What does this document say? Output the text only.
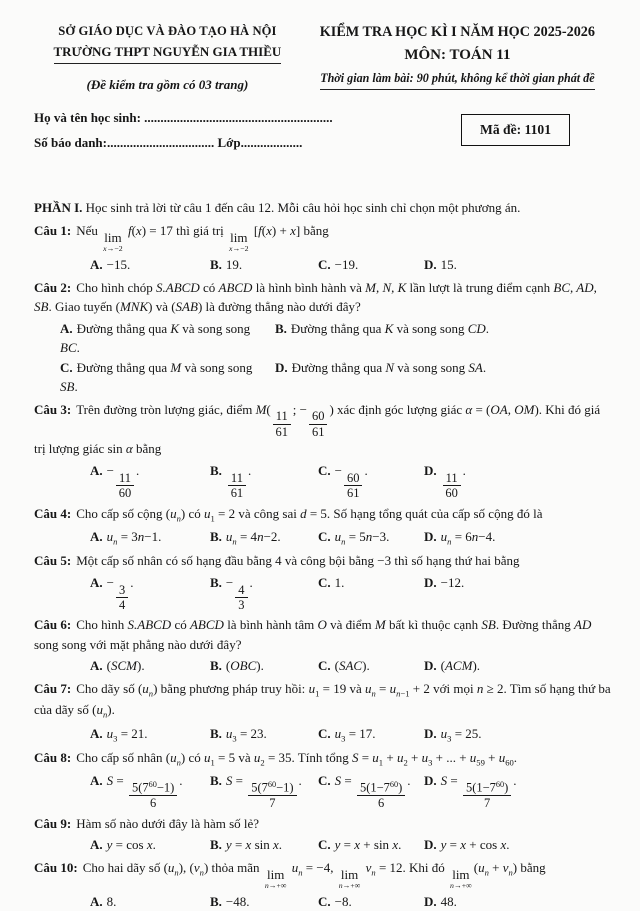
SỞ GIÁO DỤC VÀ ĐÀO TẠO HÀ NỘI
TRƯỜNG THPT NGUYỄN GIA THIỀU
(Đề kiểm tra gồm có 03 trang)
KIỂM TRA HỌC KÌ I NĂM HỌC 2025-2026
MÔN: TOÁN 11
Thời gian làm bài: 90 phút, không kể thời gian phát đề
Họ và tên học sinh: ..........................................................
Số báo danh:................................. Lớp...................
Mã đề: 1101

PHẦN I. Học sinh trả lời từ câu 1 đến câu 12. Mỗi câu hỏi học sinh chỉ chọn một phương án.

Câu 1: Nếu lim
x→−2
f(x) = 17 thì giá trị lim
x→−2
[f(x) + x] bằng

A. −15.	B. 19.	C. −19.	D. 15.

Câu 2: Cho hình chóp S.ABCD có ABCD là hình bình hành và M, N, K lần lượt là trung điểm cạnh BC, AD, SB. Giao tuyến (MNK) và (SAB) là đường thẳng nào dưới đây?

A. Đường thẳng qua K và song song BC.
B. Đường thẳng qua K và song song CD.
C. Đường thẳng qua M và song song SB.
D. Đường thẳng qua N và song song SA.

Câu 3: Trên đường tròn lượng giác, điểm M(
$\frac{11}{61}$
; −
$\frac{60}{61}$
) xác định góc lượng giác α = (OA, OM). Khi đó giá trị lượng giác sin α bằng

A. −
$\frac{11}{60}$
.	B.
$\frac{11}{61}$
.	C. −
$\frac{60}{61}$
.	D.
$\frac{11}{60}$
.

Câu 4: Cho cấp số cộng $(u_n)$ có $u_1 = 2$ và công sai d = 5. Số hạng tổng quát của cấp số cộng đó là

A. $u_n = 3n-1$.	B. $u_n = 4n-2$.	C. $u_n = 5n-3$.	D. $u_n = 6n-4$.

Câu 5: Một cấp số nhân có số hạng đầu bằng 4 và công bội bằng −3 thì số hạng thứ hai bằng

A. −
$\frac{3}{4}$
.	B. −
$\frac{4}{3}$
.	C. 1.	D. −12.

Câu 6: Cho hình S.ABCD có ABCD là bình hành tâm O và điểm M bất kì thuộc cạnh SB. Đường thẳng AD song song với mặt phẳng nào dưới đây?

A. (SCM).	B. (OBC).	C. (SAC).	D. (ACM).

Câu 7: Cho dãy số $(u_n)$ bằng phương pháp truy hồi: $u_1 = 19$ và $u_n = u_{n-1} + 2$ với mọi n ≥ 2. Tìm số hạng thứ ba của dãy số $(u_n)$.

A. $u_3 = 21$.	B. $u_3 = 23$.	C. $u_3 = 17$.	D. $u_3 = 25$.

Câu 8: Cho cấp số nhân $(u_n)$ có $u_1 = 5$ và $u_2 = 35$. Tính tổng $S = u_1 + u_2 + u_3$ + ... + $u_{59} + u_{60}$.

A. S =
$\frac{5(7^{60}-1)}{6}$
.	B. S =
$\frac{5(7^{60}-1)}{7}$
.	C. S =
$\frac{5(1-7^{60})}{6}$
.	D. S =
$\frac{5(1-7^{60})}{7}$
.

Câu 9: Hàm số nào dưới đây là hàm số lẻ?

A. y = cos x.	B. y = x sin x.	C. y = x + sin x.	D. y = x + cos x.

Câu 10: Cho hai dãy số $(u_n)$, $(v_n)$ thỏa mãn lim
n→+∞
$u_n = -4$, lim
n→+∞
$v_n = 12$. Khi đó lim
n→+∞
$(u_n + v_n)$ bằng

A. 8.	B. −48.	C. −8.	D. 48.
